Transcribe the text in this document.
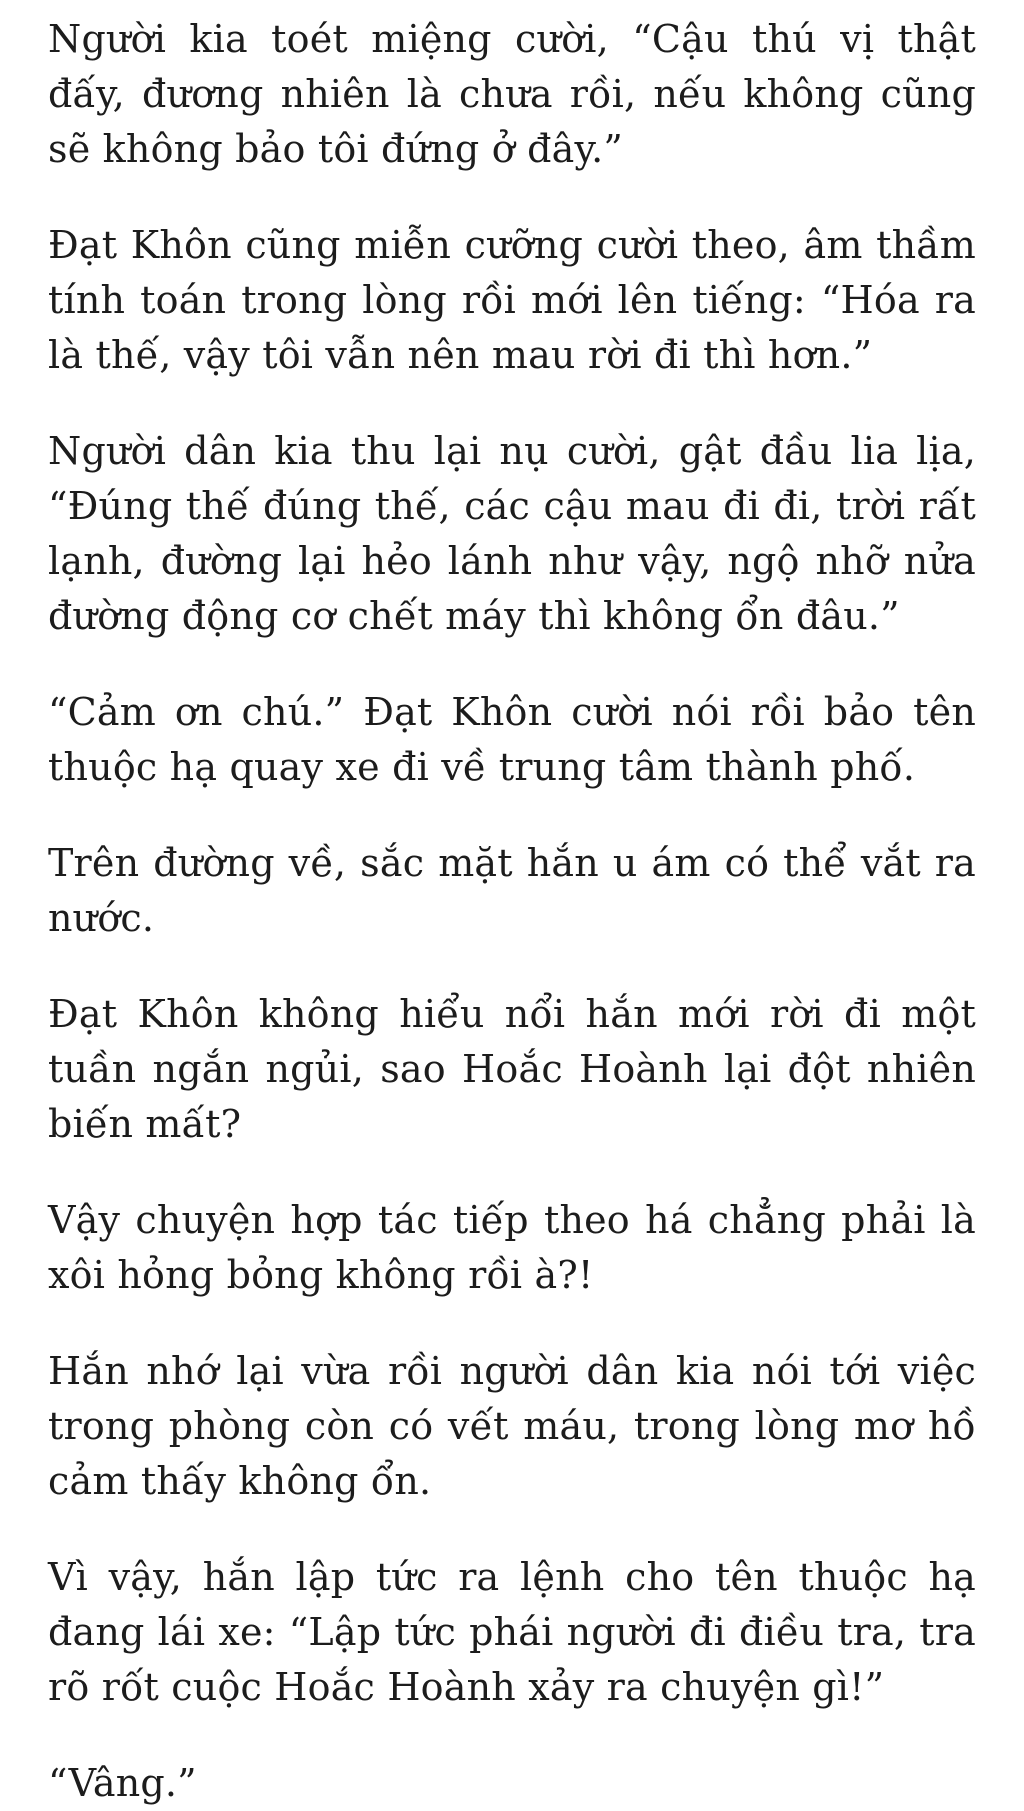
Người kia toét miệng cười, “Cậu thú vị thật đấy, đương nhiên là chưa rồi, nếu không cũng sẽ không bảo tôi đứng ở đây.”

Đạt Khôn cũng miễn cưỡng cười theo, âm thầm tính toán trong lòng rồi mới lên tiếng: “Hóa ra là thế, vậy tôi vẫn nên mau rời đi thì hơn.”

Người dân kia thu lại nụ cười, gật đầu lia lịa, “Đúng thế đúng thế, các cậu mau đi đi, trời rất lạnh, đường lại hẻo lánh như vậy, ngộ nhỡ nửa đường động cơ chết máy thì không ổn đâu.”

“Cảm ơn chú.” Đạt Khôn cười nói rồi bảo tên thuộc hạ quay xe đi về trung tâm thành phố.

Trên đường về, sắc mặt hắn u ám có thể vắt ra nước.

Đạt Khôn không hiểu nổi hắn mới rời đi một tuần ngắn ngủi, sao Hoắc Hoành lại đột nhiên biến mất?

Vậy chuyện hợp tác tiếp theo há chẳng phải là xôi hỏng bỏng không rồi à?!

Hắn nhớ lại vừa rồi người dân kia nói tới việc trong phòng còn có vết máu, trong lòng mơ hồ cảm thấy không ổn.

Vì vậy, hắn lập tức ra lệnh cho tên thuộc hạ đang lái xe: “Lập tức phái người đi điều tra, tra rõ rốt cuộc Hoắc Hoành xảy ra chuyện gì!”

“Vâng.”
